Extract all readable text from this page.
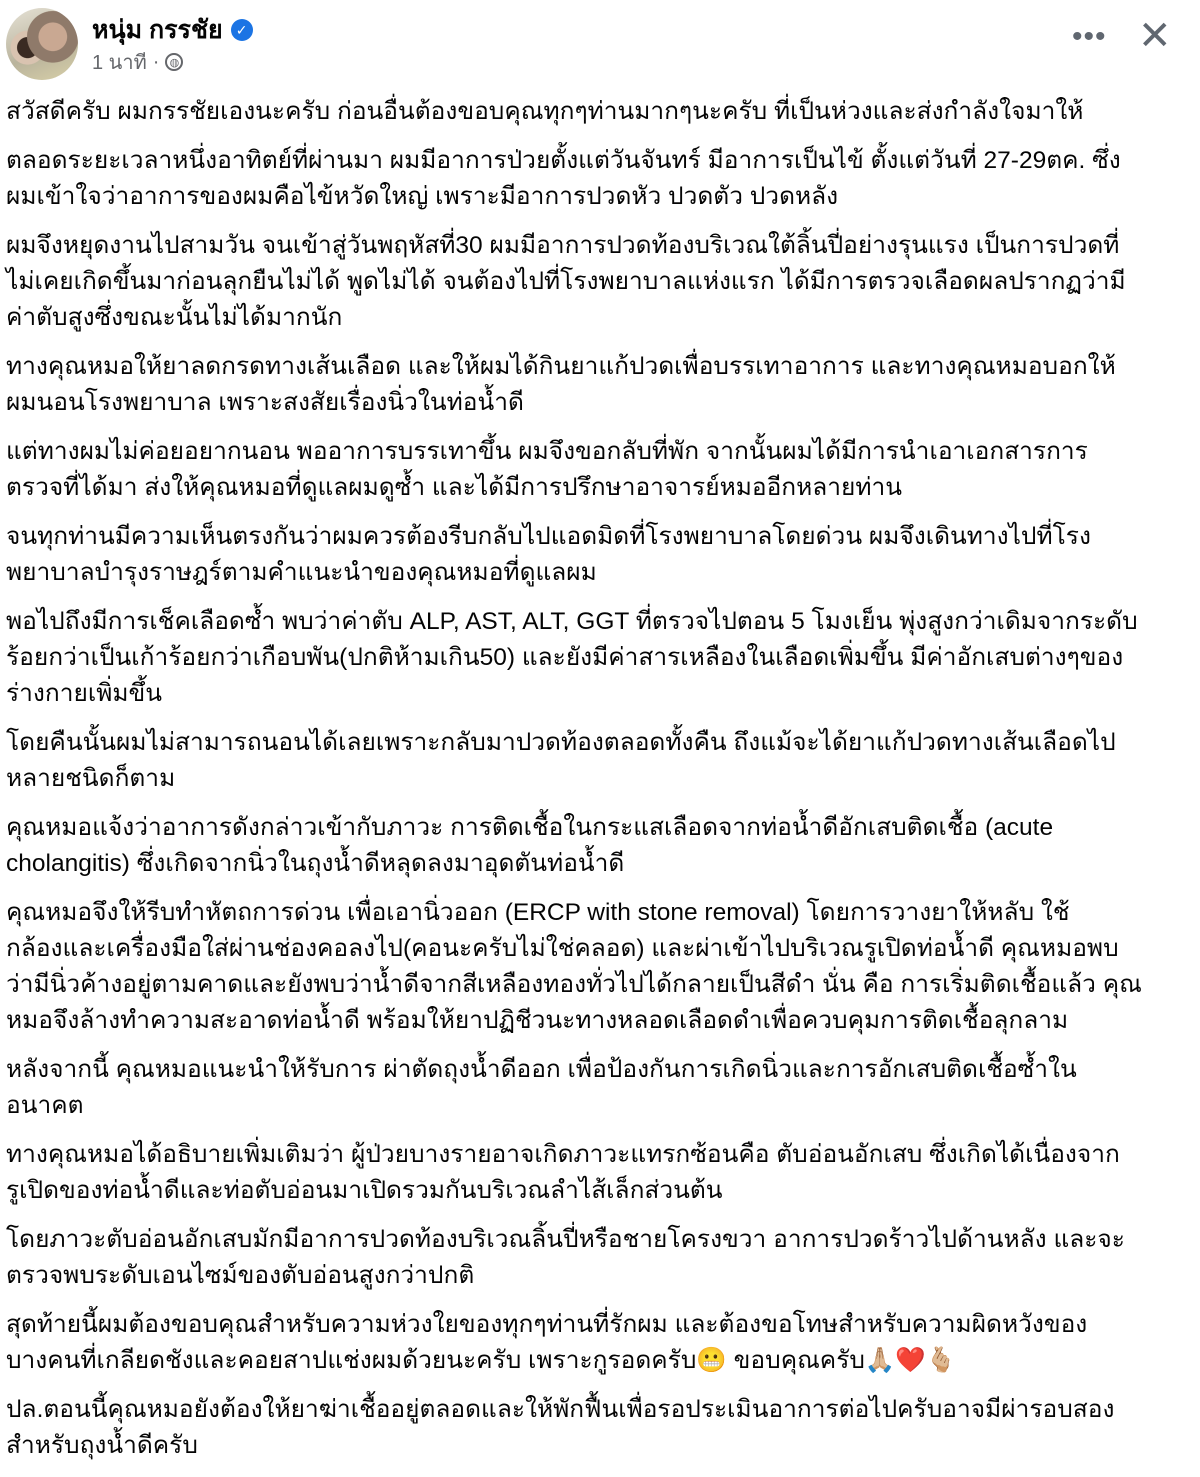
หนุ่ม กรรชัย ✓
1 นาที · ◍
••• ✕

สวัสดีครับ ผมกรรชัยเองนะครับ ก่อนอื่นต้องขอบคุณทุกๆท่านมากๆนะครับ ที่เป็นห่วงและส่งกำลังใจมาให้

ตลอดระยะเวลาหนึ่งอาทิตย์ที่ผ่านมา ผมมีอาการป่วยตั้งแต่วันจันทร์ มีอาการเป็นไข้ ตั้งแต่วันที่ 27-29ตค. ซึ่ง
ผมเข้าใจว่าอาการของผมคือไข้หวัดใหญ่ เพราะมีอาการปวดหัว ปวดตัว ปวดหลัง

ผมจึงหยุดงานไปสามวัน จนเข้าสู่วันพฤหัสที่30 ผมมีอาการปวดท้องบริเวณใต้ลิ้นปี่อย่างรุนแรง เป็นการปวดที่
ไม่เคยเกิดขึ้นมาก่อนลุกยืนไม่ได้ พูดไม่ได้ จนต้องไปที่โรงพยาบาลแห่งแรก ได้มีการตรวจเลือดผลปรากฏว่ามี
ค่าตับสูงซึ่งขณะนั้นไม่ได้มากนัก

ทางคุณหมอให้ยาลดกรดทางเส้นเลือด และให้ผมได้กินยาแก้ปวดเพื่อบรรเทาอาการ และทางคุณหมอบอกให้
ผมนอนโรงพยาบาล เพราะสงสัยเรื่องนิ่วในท่อน้ำดี

แต่ทางผมไม่ค่อยอยากนอน พออาการบรรเทาขึ้น ผมจึงขอกลับที่พัก จากนั้นผมได้มีการนำเอาเอกสารการ
ตรวจที่ได้มา ส่งให้คุณหมอที่ดูแลผมดูซ้ำ และได้มีการปรึกษาอาจารย์หมออีกหลายท่าน

จนทุกท่านมีความเห็นตรงกันว่าผมควรต้องรีบกลับไปแอดมิดที่โรงพยาบาลโดยด่วน ผมจึงเดินทางไปที่โรง
พยาบาลบำรุงราษฎร์ตามคำแนะนำของคุณหมอที่ดูแลผม

พอไปถึงมีการเช็คเลือดซ้ำ พบว่าค่าตับ ALP, AST, ALT, GGT ที่ตรวจไปตอน 5 โมงเย็น พุ่งสูงกว่าเดิมจากระดับ
ร้อยกว่าเป็นเก้าร้อยกว่าเกือบพัน(ปกติห้ามเกิน50) และยังมีค่าสารเหลืองในเลือดเพิ่มขึ้น มีค่าอักเสบต่างๆของ
ร่างกายเพิ่มขึ้น

โดยคืนนั้นผมไม่สามารถนอนได้เลยเพราะกลับมาปวดท้องตลอดทั้งคืน ถึงแม้จะได้ยาแก้ปวดทางเส้นเลือดไป
หลายชนิดก็ตาม

คุณหมอแจ้งว่าอาการดังกล่าวเข้ากับภาวะ การติดเชื้อในกระแสเลือดจากท่อน้ำดีอักเสบติดเชื้อ (acute
cholangitis) ซึ่งเกิดจากนิ่วในถุงน้ำดีหลุดลงมาอุดตันท่อน้ำดี

คุณหมอจึงให้รีบทำหัตถการด่วน เพื่อเอานิ่วออก (ERCP with stone removal) โดยการวางยาให้หลับ ใช้
กล้องและเครื่องมือใส่ผ่านช่องคอลงไป(คอนะครับไม่ใช่คลอด) และผ่าเข้าไปบริเวณรูเปิดท่อน้ำดี คุณหมอพบ
ว่ามีนิ่วค้างอยู่ตามคาดและยังพบว่าน้ำดีจากสีเหลืองทองทั่วไปได้กลายเป็นสีดำ นั่น คือ การเริ่มติดเชื้อแล้ว คุณ
หมอจึงล้างทำความสะอาดท่อน้ำดี พร้อมให้ยาปฏิชีวนะทางหลอดเลือดดำเพื่อควบคุมการติดเชื้อลุกลาม

หลังจากนี้ คุณหมอแนะนำให้รับการ ผ่าตัดถุงน้ำดีออก เพื่อป้องกันการเกิดนิ่วและการอักเสบติดเชื้อซ้ำใน
อนาคต

ทางคุณหมอได้อธิบายเพิ่มเติมว่า ผู้ป่วยบางรายอาจเกิดภาวะแทรกซ้อนคือ ตับอ่อนอักเสบ ซึ่งเกิดได้เนื่องจาก
รูเปิดของท่อน้ำดีและท่อตับอ่อนมาเปิดรวมกันบริเวณลำไส้เล็กส่วนต้น

โดยภาวะตับอ่อนอักเสบมักมีอาการปวดท้องบริเวณลิ้นปี่หรือชายโครงขวา อาการปวดร้าวไปด้านหลัง และจะ
ตรวจพบระดับเอนไซม์ของตับอ่อนสูงกว่าปกติ

สุดท้ายนี้ผมต้องขอบคุณสำหรับความห่วงใยของทุกๆท่านที่รักผม และต้องขอโทษสำหรับความผิดหวังของ
บางคนที่เกลียดชังและคอยสาปแช่งผมด้วยนะครับ เพราะกูรอดครับ😬 ขอบคุณครับ🙏🏼❤️🫰🏼

ปล.ตอนนี้คุณหมอยังต้องให้ยาฆ่าเชื้ออยู่ตลอดและให้พักฟื้นเพื่อรอประเมินอาการต่อไปครับอาจมีผ่ารอบสอง
สำหรับถุงน้ำดีครับ
